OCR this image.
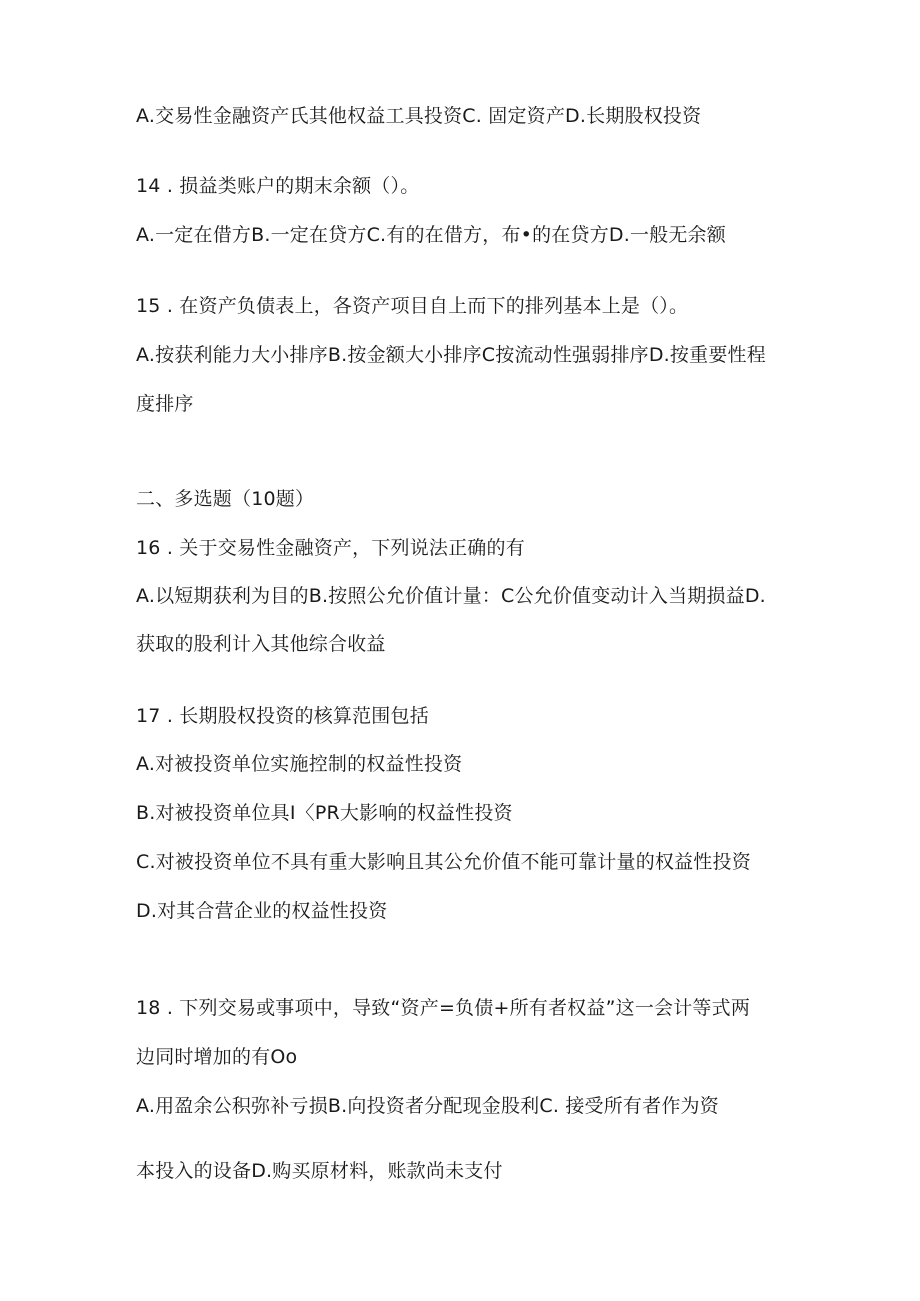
A.交易性金融资产氏其他权益工具投资C. 固定资产D.长期股权投资
14 . 损益类账户的期末余额（）。
A.一定在借方B.一定在贷方C.有的在借方，布•的在贷方D.一般无余额
15 . 在资产负债表上，各资产项目自上而下的排列基本上是（）。
A.按获利能力大小排序B.按金额大小排序C按流动性强弱排序D.按重要性程
度排序
二、多选题（10题）
16 . 关于交易性金融资产，下列说法正确的有
A.以短期获利为目的B.按照公允价值计量：C公允价值变动计入当期损益D.
获取的股利计入其他综合收益
17 . 长期股权投资的核算范围包括
A.对被投资单位实施控制的权益性投资
B.对被投资单位具I〈PR大影响的权益性投资
C.对被投资单位不具有重大影响且其公允价值不能可靠计量的权益性投资
D.对其合营企业的权益性投资
18 . 下列交易或事项中，导致“资产=负债+所有者权益”这一会计等式两
边同时增加的有Oo
A.用盈余公积弥补亏损B.向投资者分配现金股利C. 接受所有者作为资
本投入的设备D.购买原材料，账款尚未支付
